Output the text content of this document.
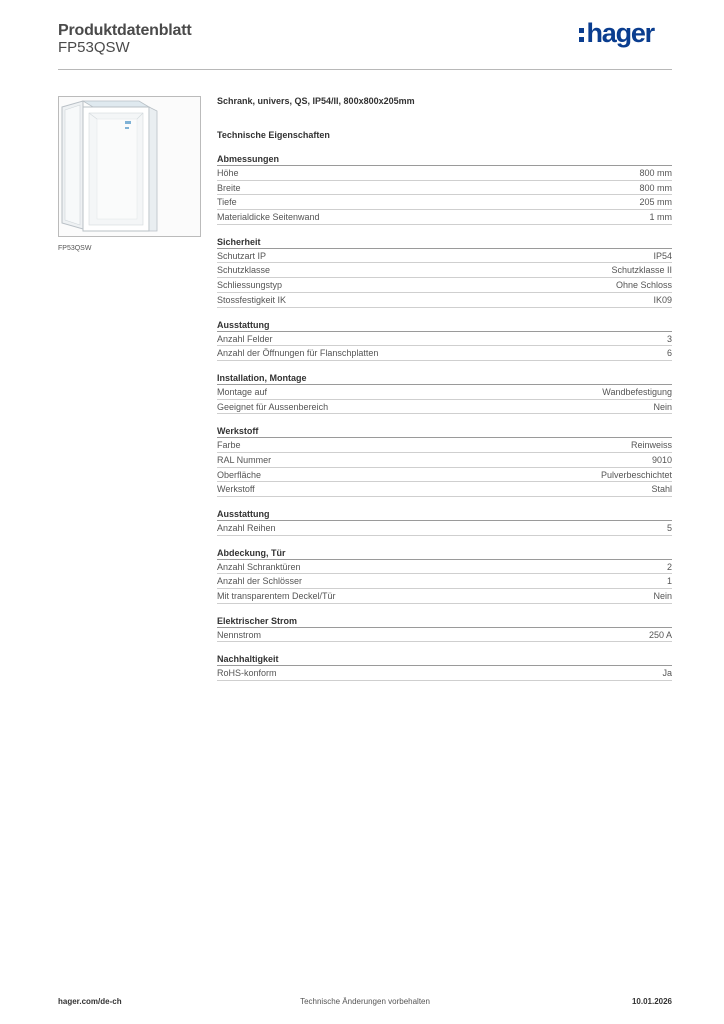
Produktdatenblatt
FP53QSW	hager
FP53QSW
Schrank, univers, QS, IP54/II, 800x800x205mm
Technische Eigenschaften
Abmessungen
Höhe	800 mm
Breite	800 mm
Tiefe	205 mm
Materialdicke Seitenwand	1 mm
Sicherheit
Schutzart IP	IP54
Schutzklasse	Schutzklasse II
Schliessungstyp	Ohne Schloss
Stossfestigkeit IK	IK09
Ausstattung
Anzahl Felder	3
Anzahl der Öffnungen für Flanschplatten	6
Installation, Montage
Montage auf	Wandbefestigung
Geeignet für Aussenbereich	Nein
Werkstoff
Farbe	Reinweiss
RAL Nummer	9010
Oberfläche	Pulverbeschichtet
Werkstoff	Stahl
Ausstattung
Anzahl Reihen	5
Abdeckung, Tür
Anzahl Schranktüren	2
Anzahl der Schlösser	1
Mit transparentem Deckel/Tür	Nein
Elektrischer Strom
Nennstrom	250 A
Nachhaltigkeit
RoHS-konform	Ja
hager.com/de-ch	Technische Änderungen vorbehalten	10.01.2026
